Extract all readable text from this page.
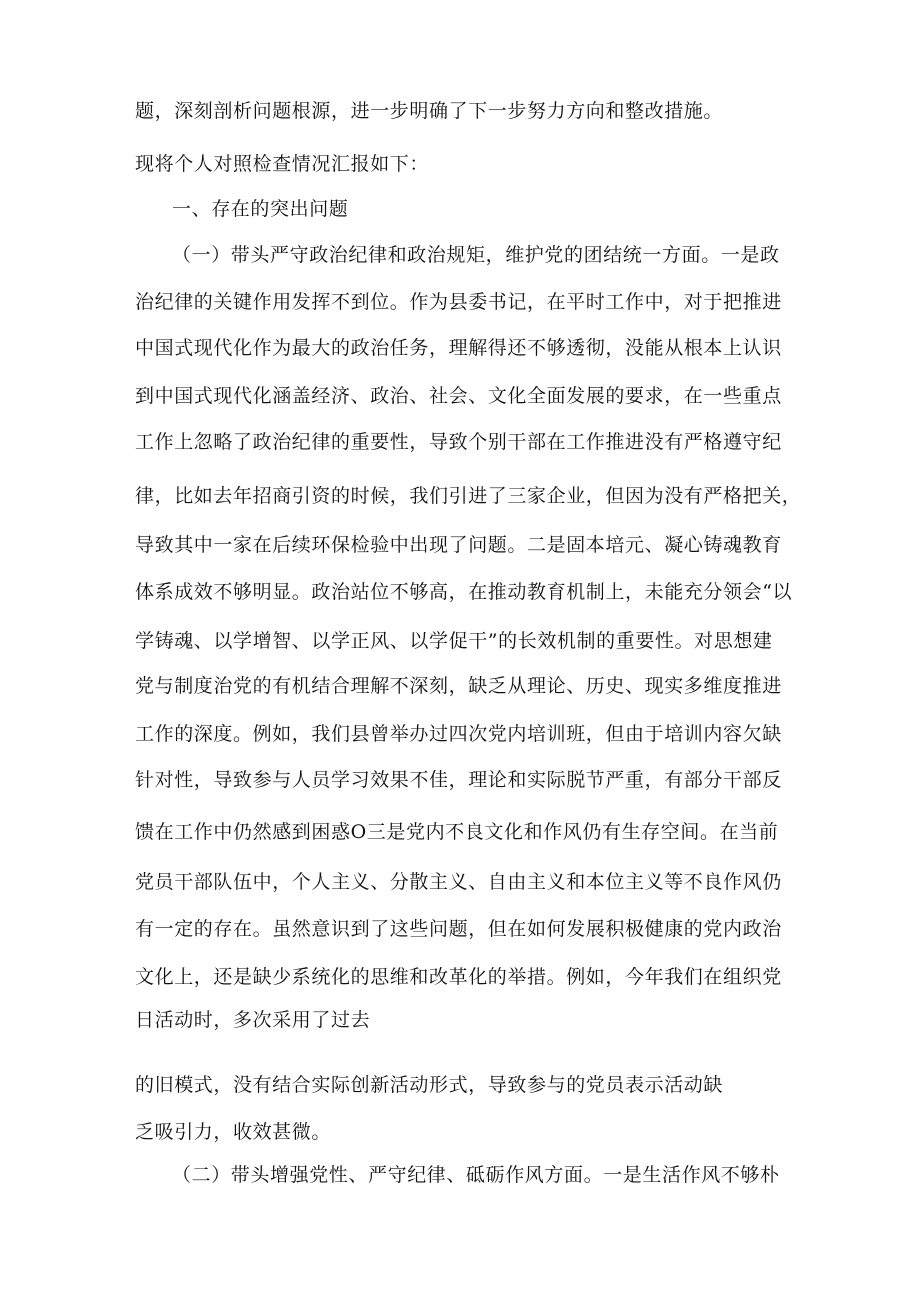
题，深刻剖析问题根源，进一步明确了下一步努力方向和整改措施。
现将个人对照检查情况汇报如下：
一、存在的突出问题
（一）带头严守政治纪律和政治规矩，维护党的团结统一方面。一是政
治纪律的关键作用发挥不到位。作为县委书记，在平时工作中，对于把推进
中国式现代化作为最大的政治任务，理解得还不够透彻，没能从根本上认识
到中国式现代化涵盖经济、政治、社会、文化全面发展的要求，在一些重点
工作上忽略了政治纪律的重要性，导致个别干部在工作推进没有严格遵守纪
律，比如去年招商引资的时候，我们引进了三家企业，但因为没有严格把关，
导致其中一家在后续环保检验中出现了问题。二是固本培元、凝心铸魂教育
体系成效不够明显。政治站位不够高，在推动教育机制上，未能充分领会“以
学铸魂、以学增智、以学正风、以学促干”的长效机制的重要性。对思想建
党与制度治党的有机结合理解不深刻，缺乏从理论、历史、现实多维度推进
工作的深度。例如，我们县曾举办过四次党内培训班，但由于培训内容欠缺
针对性，导致参与人员学习效果不佳，理论和实际脱节严重，有部分干部反
馈在工作中仍然感到困惑O三是党内不良文化和作风仍有生存空间。在当前
党员干部队伍中，个人主义、分散主义、自由主义和本位主义等不良作风仍
有一定的存在。虽然意识到了这些问题，但在如何发展积极健康的党内政治
文化上，还是缺少系统化的思维和改革化的举措。例如，今年我们在组织党
日活动时，多次采用了过去
的旧模式，没有结合实际创新活动形式，导致参与的党员表示活动缺
乏吸引力，收效甚微。
（二）带头增强党性、严守纪律、砥砺作风方面。一是生活作风不够朴
